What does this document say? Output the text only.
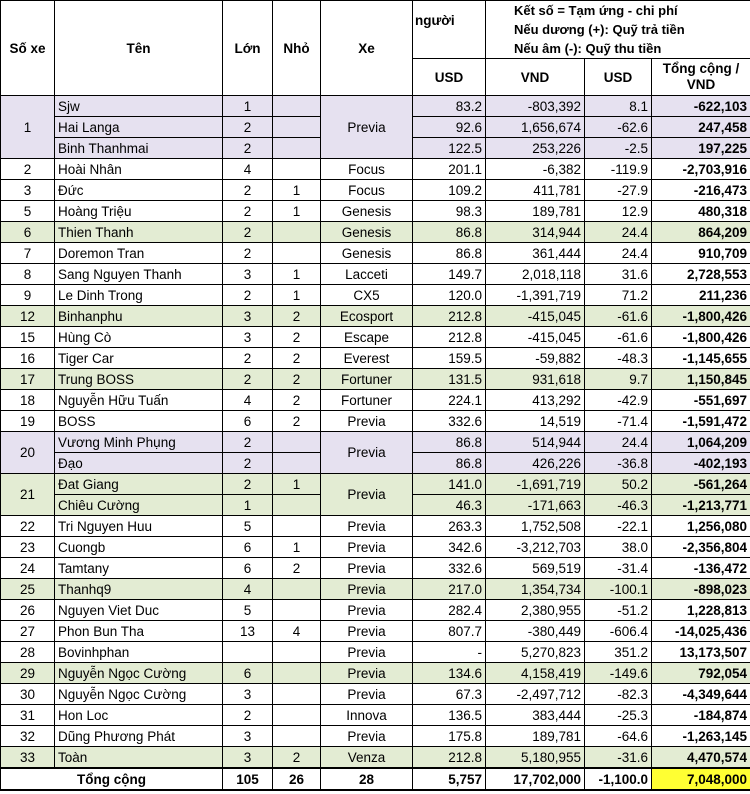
Số xe	Tên	Lớn	Nhỏ	Xe	người	Kết số = Tạm ứng - chi phí
Nếu dương (+): Quỹ trả tiền
Nếu âm (-): Quỹ thu tiền		

					USD	VND	USD	Tổng cộng /
VND

1	Sjw	1		Previa	83.2	-803,392	8.1	-622,103
	Hai Langa	2			92.6	1,656,674	-62.6	247,458
	Binh Thanhmai	2			122.5	253,226	-2.5	197,225
2	Hoài Nhân	4		Focus	201.1	-6,382	-119.9	-2,703,916
3	Đức	2	1	Focus	109.2	411,781	-27.9	-216,473
5	Hoàng Triệu	2	1	Genesis	98.3	189,781	12.9	480,318
6	Thien Thanh	2		Genesis	86.8	314,944	24.4	864,209
7	Doremon Tran	2		Genesis	86.8	361,444	24.4	910,709
8	Sang Nguyen Thanh	3	1	Lacceti	149.7	2,018,118	31.6	2,728,553
9	Le Dinh Trong	2	1	CX5	120.0	-1,391,719	71.2	211,236
12	Binhanphu	3	2	Ecosport	212.8	-415,045	-61.6	-1,800,426
15	Hùng Cò	3	2	Escape	212.8	-415,045	-61.6	-1,800,426
16	Tiger Car	2	2	Everest	159.5	-59,882	-48.3	-1,145,655
17	Trung BOSS	2	2	Fortuner	131.5	931,618	9.7	1,150,845
18	Nguyễn Hữu Tuấn	4	2	Fortuner	224.1	413,292	-42.9	-551,697
19	BOSS	6	2	Previa	332.6	14,519	-71.4	-1,591,472
20	Vương Minh Phụng	2		Previa	86.8	514,944	24.4	1,064,209
	Đạo	2			86.8	426,226	-36.8	-402,193
21	Đat Giang	2	1	Previa	141.0	-1,691,719	50.2	-561,264
	Chiêu Cường	1			46.3	-171,663	-46.3	-1,213,771
22	Tri Nguyen Huu	5		Previa	263.3	1,752,508	-22.1	1,256,080
23	Cuongb	6	1	Previa	342.6	-3,212,703	38.0	-2,356,804
24	Tamtany	6	2	Previa	332.6	569,519	-31.4	-136,472
25	Thanhq9	4		Previa	217.0	1,354,734	-100.1	-898,023
26	Nguyen Viet Duc	5		Previa	282.4	2,380,955	-51.2	1,228,813
27	Phon Bun Tha	13	4	Previa	807.7	-380,449	-606.4	-14,025,436
28	Bovinhphan			Previa	-	5,270,823	351.2	13,173,507
29	Nguyễn Ngọc Cường	6		Previa	134.6	4,158,419	-149.6	792,054
30	Nguyễn Ngọc Cường	3		Previa	67.3	-2,497,712	-82.3	-4,349,644
31	Hon Loc	2		Innova	136.5	383,444	-25.3	-184,874
32	Dũng Phương Phát	3		Previa	175.8	189,781	-64.6	-1,263,145
33	Toàn	3	2	Venza	212.8	5,180,955	-31.6	4,470,574
Tổng cộng		105	26	28	5,757	17,702,000	-1,100.0	7,048,000
